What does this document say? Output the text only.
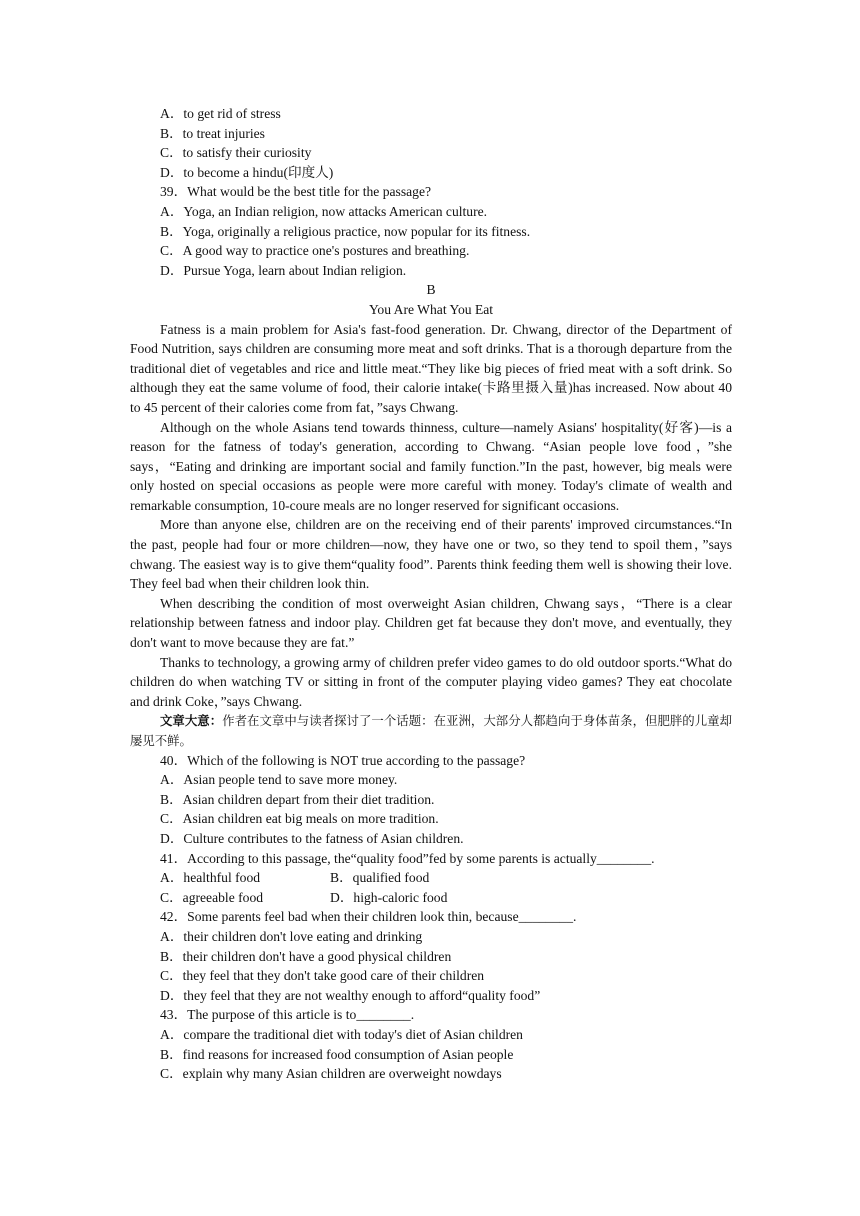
A．to get rid of stress
B．to treat injuries
C．to satisfy their curiosity
D．to become a hindu(印度人)
39．What would be the best title for the passage?
A．Yoga, an Indian religion, now attacks American culture.
B．Yoga, originally a religious practice, now popular for its fitness.
C．A good way to practice one's postures and breathing.
D．Pursue Yoga, learn about Indian religion.
B
You Are What You Eat

Fatness is a main problem for Asia's fast-food generation. Dr. Chwang, director of the Department of Food Nutrition, says children are consuming more meat and soft drinks. That is a thorough departure from the traditional diet of vegetables and rice and little meat.“They like big pieces of fried meat with a soft drink. So although they eat the same volume of food, their calorie intake(卡路里摄入量)has increased. Now about 40 to 45 percent of their calories come from fat，”says Chwang.

Although on the whole Asians tend towards thinness, culture—namely Asians' hospitality(好客)—is a reason for the fatness of today's generation, according to Chwang. “Asian people love food，”she says，“Eating and drinking are important social and family function.”In the past, however, big meals were only hosted on special occasions as people were more careful with money. Today's climate of wealth and remarkable consumption, 10-coure meals are no longer reserved for significant occasions.

More than anyone else, children are on the receiving end of their parents' improved circumstances.“In the past, people had four or more children—now, they have one or two, so they tend to spoil them，”says chwang. The easiest way is to give them“quality food”. Parents think feeding them well is showing their love. They feel bad when their children look thin.

When describing the condition of most overweight Asian children, Chwang says，“There is a clear relationship between fatness and indoor play. Children get fat because they don't move, and eventually, they don't want to move because they are fat.”

Thanks to technology, a growing army of children prefer video games to do old outdoor sports.“What do children do when watching TV or sitting in front of the computer playing video games? They eat chocolate and drink Coke，”says Chwang.

文章大意：作者在文章中与读者探讨了一个话题：在亚洲，大部分人都趋向于身体苗条，但肥胖的儿童却屡见不鲜。

40．Which of the following is NOT true according to the passage?
A．Asian people tend to save more money.
B．Asian children depart from their diet tradition.
C．Asian children eat big meals on more tradition.
D．Culture contributes to the fatness of Asian children.
41．According to this passage, the“quality food”fed by some parents is actually________.
A．healthful food	B．qualified food
C．agreeable food	D．high-caloric food
42．Some parents feel bad when their children look thin, because________.
A．their children don't love eating and drinking
B．their children don't have a good physical children
C．they feel that they don't take good care of their children
D．they feel that they are not wealthy enough to afford“quality food”
43．The purpose of this article is to________.
A．compare the traditional diet with today's diet of Asian children
B．find reasons for increased food consumption of Asian people
C．explain why many Asian children are overweight nowdays
